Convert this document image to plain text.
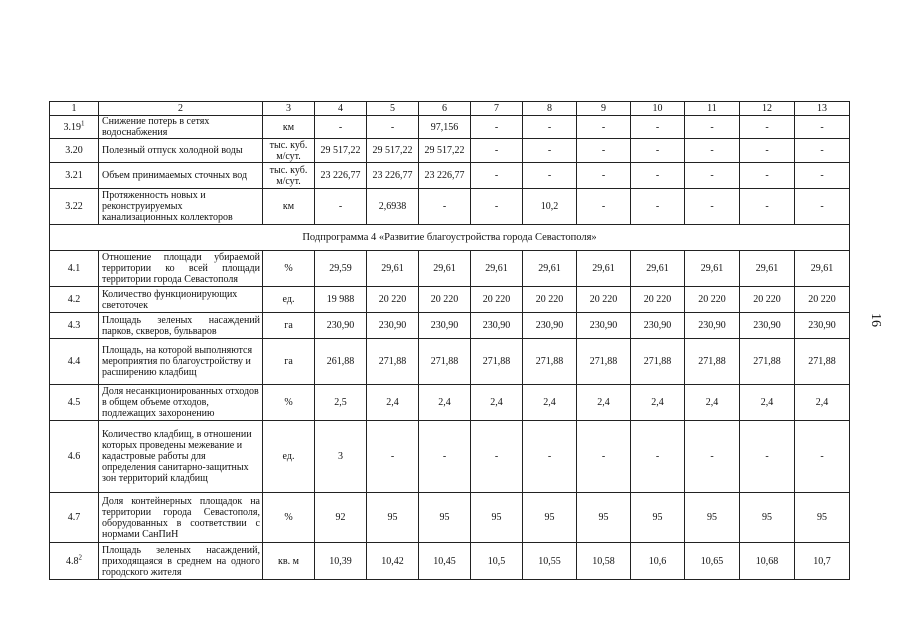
1	2	3	4	5	6	7	8	9	10	11	12	13
3.19$^1$	Снижение потерь в сетях водоснабжения	км	-	-	97,156	-	-	-	-	-	-	-
3.20	Полезный отпуск холодной воды	тыс. куб. м/сут.	29 517,22	29 517,22	29 517,22	-	-	-	-	-	-	-
3.21	Объем принимаемых сточных вод	тыс. куб. м/сут.	23 226,77	23 226,77	23 226,77	-	-	-	-	-	-	-
3.22	Протяженность новых и реконструируемых канализационных коллекторов	км	-	2,6938	-	-	10,2	-	-	-	-	-
Подпрограмма 4 «Развитие благоустройства города Севастополя»												
4.1	Отношение площади убираемой территории ко всей площади территории города Севастополя	%	29,59	29,61	29,61	29,61	29,61	29,61	29,61	29,61	29,61	29,61
4.2	Количество функционирующих светоточек	ед.	19 988	20 220	20 220	20 220	20 220	20 220	20 220	20 220	20 220	20 220
4.3	Площадь зеленых насаждений парков, скверов, бульваров	га	230,90	230,90	230,90	230,90	230,90	230,90	230,90	230,90	230,90	230,90
4.4	Площадь, на которой выполняются мероприятия по благоустройству и расширению кладбищ	га	261,88	271,88	271,88	271,88	271,88	271,88	271,88	271,88	271,88	271,88
4.5	Доля несанкционированных отходов в общем объеме отходов, подлежащих захоронению	%	2,5	2,4	2,4	2,4	2,4	2,4	2,4	2,4	2,4	2,4
4.6	Количество кладбищ, в отношении которых проведены межевание и кадастровые работы для определения санитарно-защитных зон территорий кладбищ	ед.	3	-	-	-	-	-	-	-	-	-
4.7	Доля контейнерных площадок на территории города Севастополя, оборудованных в соответствии с нормами СанПиН	%	92	95	95	95	95	95	95	95	95	95
$4.8^2$	Площадь зеленых насаждений, приходящаяся в среднем на одного городского жителя	кв. м	10,39	10,42	10,45	10,5	10,55	10,58	10,6	10,65	10,68	10,7
16
